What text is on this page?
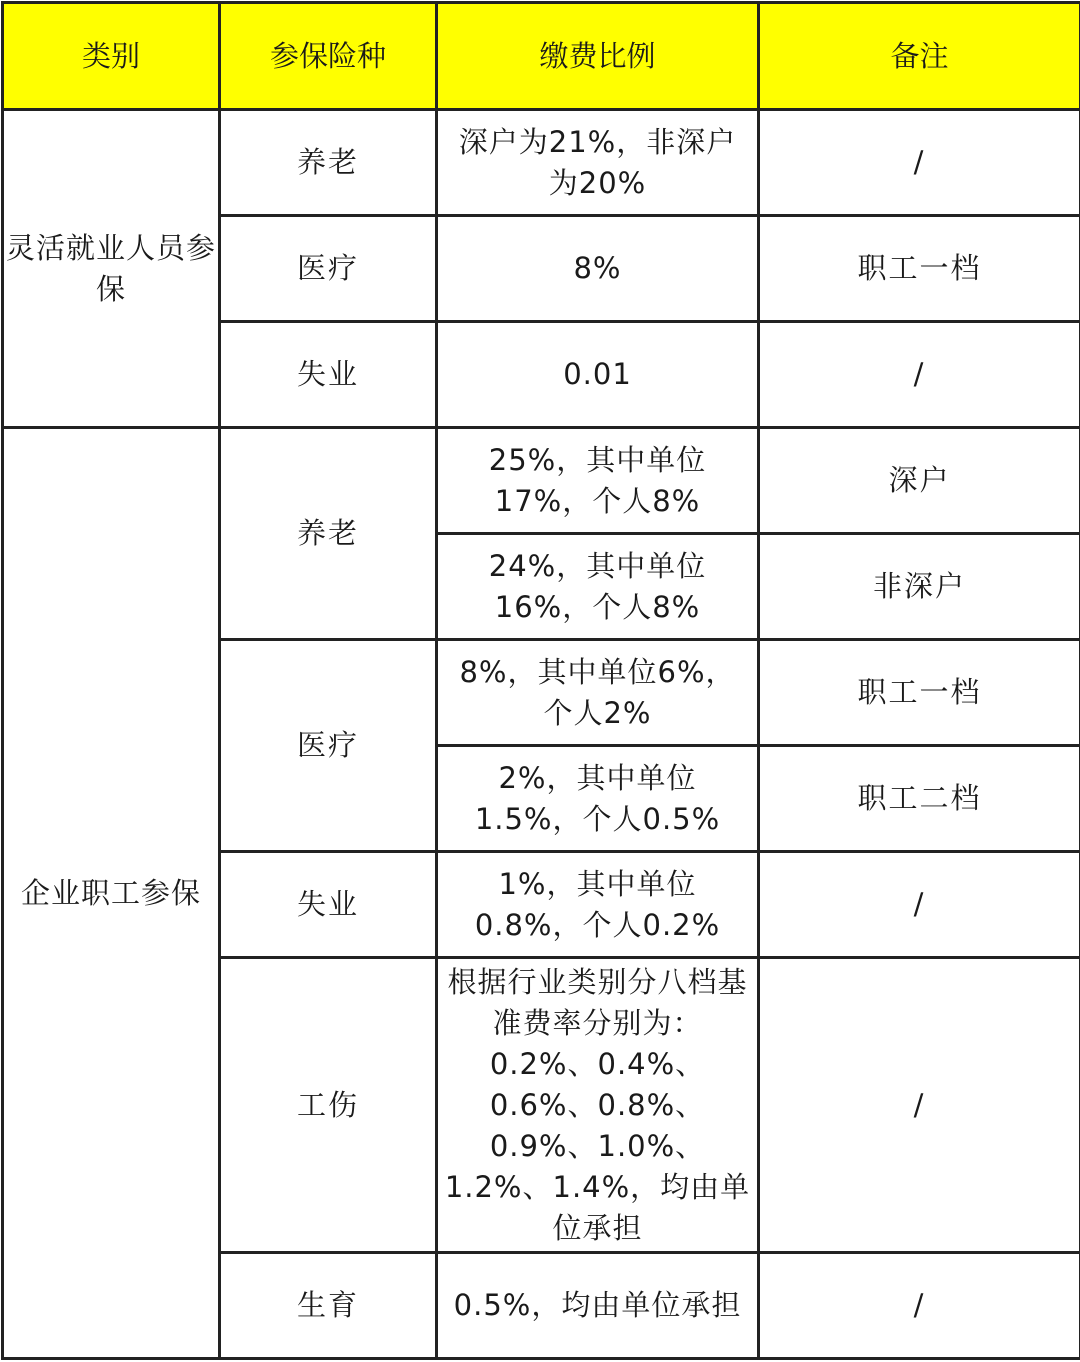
类别	参保险种	缴费比例	备注
灵活就业人员参保	养老	深户为21%，非深户为20%	/
	医疗	8%	职工一档
	失业	0.01	/
企业职工参保	养老	25%，其中单位17%，个人8%	深户
		24%，其中单位16%，个人8%	非深户
	医疗	8%，其中单位6%，个人2%	职工一档
		2%，其中单位1.5%，个人0.5%	职工二档
	失业	1%，其中单位0.8%，个人0.2%	/
	工伤	根据行业类别分八档基准费率分别为：0.2%、0.4%、0.6%、0.8%、0.9%、1.0%、1.2%、1.4%，均由单位承担	/
	生育	0.5%，均由单位承担	/
